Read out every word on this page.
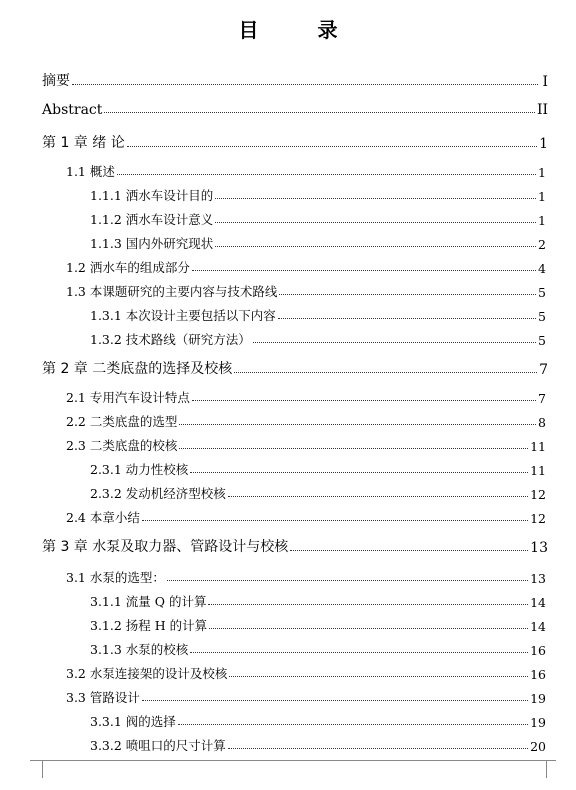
目 录
摘要	I
Abstract	II
第 1 章 绪 论	1
1.1 概述	1
1.1.1 洒水车设计目的	1
1.1.2 洒水车设计意义	1
1.1.3 国内外研究现状	2
1.2 洒水车的组成部分	4
1.3 本课题研究的主要内容与技术路线	5
1.3.1 本次设计主要包括以下内容	5
1.3.2 技术路线（研究方法）	5
第 2 章 二类底盘的选择及校核	7
2.1 专用汽车设计特点	7
2.2 二类底盘的选型	8
2.3 二类底盘的校核	11
2.3.1 动力性校核	11
2.3.2 发动机经济型校核	12
2.4 本章小结	12
第 3 章 水泵及取力器、管路设计与校核	13
3.1 水泵的选型：	13
3.1.1 流量 Q 的计算	14
3.1.2 扬程 H 的计算	14
3.1.3 水泵的校核	16
3.2 水泵连接架的设计及校核	16
3.3 管路设计	19
3.3.1 阀的选择	19
3.3.2 喷咀口的尺寸计算	20
